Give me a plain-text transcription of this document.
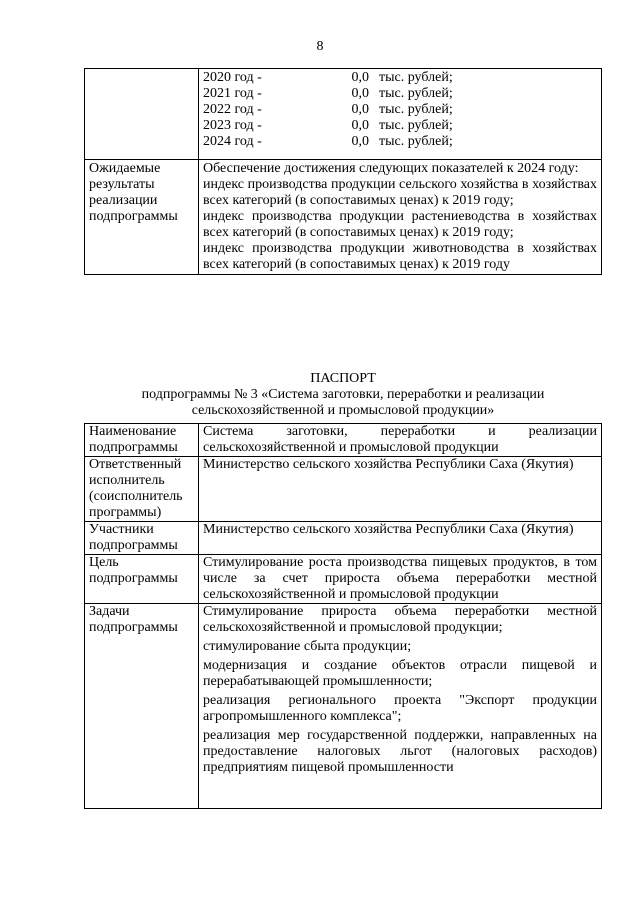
8

	2020 год - 0,0 тыс. рублей;
2021 год - 0,0 тыс. рублей;
2022 год - 0,0 тыс. рублей;
2023 год - 0,0 тыс. рублей;
2024 год - 0,0 тыс. рублей;

Ожидаемые результаты реализации подпрограммы	Обеспечение достижения следующих показателей к 2024 году:
индекс производства продукции сельского хозяйства в хозяйствах всех категорий (в сопоставимых ценах) к 2019 году;
индекс производства продукции растениеводства в хозяйствах всех категорий (в сопоставимых ценах) к 2019 году;
индекс производства продукции животноводства в хозяйствах всех категорий (в сопоставимых ценах) к 2019 году
ПАСПОРТ
подпрограммы № 3 «Система заготовки, переработки и реализации
сельскохозяйственной и промысловой продукции»
Наименование подпрограммы	Система заготовки, переработки и реализации сельскохозяйственной и промысловой продукции

Ответственный исполнитель (соисполнитель программы)	Министерство сельского хозяйства Республики Саха (Якутия)

Участники подпрограммы	Министерство сельского хозяйства Республики Саха (Якутия)

Цель подпрограммы	Стимулирование роста производства пищевых продуктов, в том числе за счет прироста объема переработки местной сельскохозяйственной и промысловой продукции

Задачи подпрограммы	Стимулирование прироста объема переработки местной сельскохозяйственной и промысловой продукции;
стимулирование сбыта продукции;
модернизация и создание объектов отрасли пищевой и перерабатывающей промышленности;
реализация регионального проекта "Экспорт продукции агропромышленного комплекса";
реализация мер государственной поддержки, направленных на предоставление налоговых льгот (налоговых расходов) предприятиям пищевой промышленности
